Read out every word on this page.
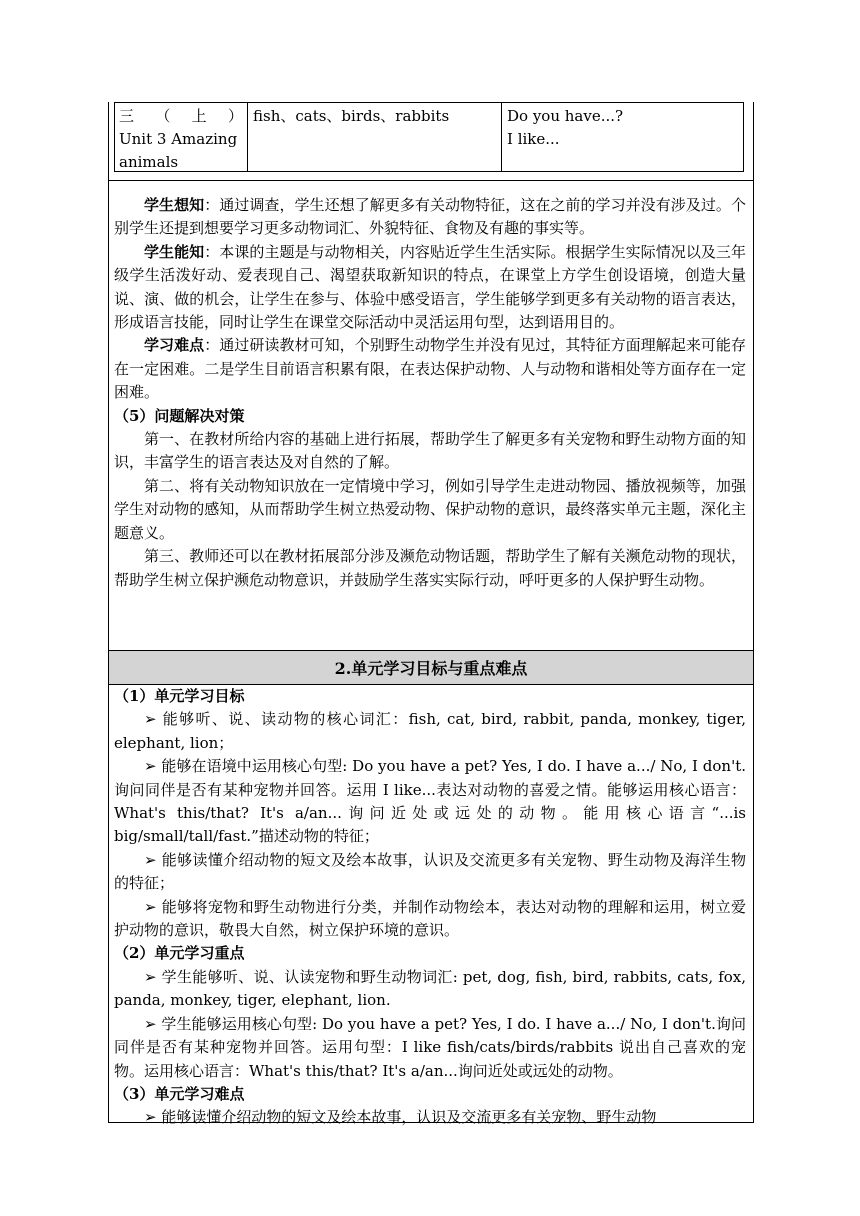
三 （ 上 ）
Unit 3 Amazing
animals
fish、cats、birds、rabbits	Do you have...?
I like...

学生想知：通过调查，学生还想了解更多有关动物特征，这在之前的学习并没有涉及过。个别学生还提到想要学习更多动物词汇、外貌特征、食物及有趣的事实等。

学生能知：本课的主题是与动物相关，内容贴近学生生活实际。根据学生实际情况以及三年级学生活泼好动、爱表现自己、渴望获取新知识的特点，在课堂上方学生创设语境，创造大量说、演、做的机会，让学生在参与、体验中感受语言，学生能够学到更多有关动物的语言表达，形成语言技能，同时让学生在课堂交际活动中灵活运用句型，达到语用目的。

学习难点：通过研读教材可知，个别野生动物学生并没有见过，其特征方面理解起来可能存在一定困难。二是学生目前语言积累有限，在表达保护动物、人与动物和谐相处等方面存在一定困难。

（5）问题解决对策

第一、在教材所给内容的基础上进行拓展，帮助学生了解更多有关宠物和野生动物方面的知识，丰富学生的语言表达及对自然的了解。

第二、将有关动物知识放在一定情境中学习，例如引导学生走进动物园、播放视频等，加强学生对动物的感知，从而帮助学生树立热爱动物、保护动物的意识，最终落实单元主题，深化主题意义。

第三、教师还可以在教材拓展部分涉及濒危动物话题，帮助学生了解有关濒危动物的现状，帮助学生树立保护濒危动物意识，并鼓励学生落实实际行动，呼吁更多的人保护野生动物。

2.单元学习目标与重点难点
（1）单元学习目标

➢ 能够听、说、读动物的核心词汇：fish, cat, bird, rabbit, panda, monkey, tiger, elephant, lion；

➢ 能够在语境中运用核心句型: Do you have a pet? Yes, I do. I have a.../ No, I don't.询问同伴是否有某种宠物并回答。运用 I like...表达对动物的喜爱之情。能够运用核心语言：What's this/that? It's a/an...询问近处或远处的动物。能用核心语言“...is big/small/tall/fast.”描述动物的特征；

➢ 能够读懂介绍动物的短文及绘本故事，认识及交流更多有关宠物、野生动物及海洋生物的特征；

➢ 能够将宠物和野生动物进行分类，并制作动物绘本，表达对动物的理解和运用，树立爱护动物的意识，敬畏大自然，树立保护环境的意识。

（2）单元学习重点

➢ 学生能够听、说、认读宠物和野生动物词汇: pet, dog, fish, bird, rabbits, cats, fox, panda, monkey, tiger, elephant, lion.

➢ 学生能够运用核心句型: Do you have a pet? Yes, I do. I have a.../ No, I don't.询问同伴是否有某种宠物并回答。运用句型：I like fish/cats/birds/rabbits 说出自己喜欢的宠物。运用核心语言：What's this/that? It's a/an...询问近处或远处的动物。

（3）单元学习难点

➢ 能够读懂介绍动物的短文及绘本故事，认识及交流更多有关宠物、野生动物
